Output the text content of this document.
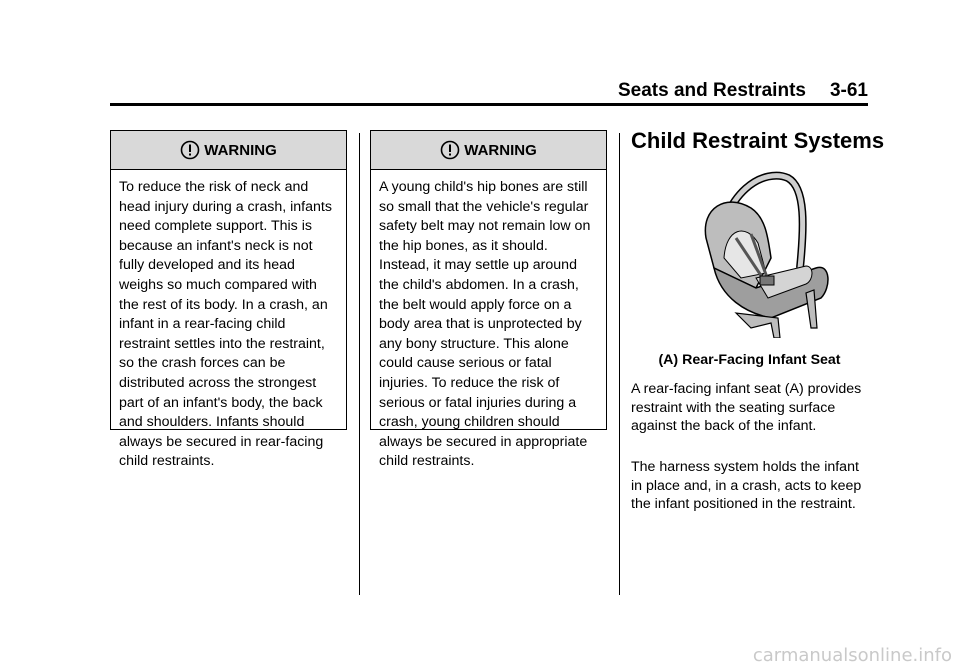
Seats and Restraints 3-61
WARNING
To reduce the risk of neck and head injury during a crash, infants need complete support. This is because an infant's neck is not fully developed and its head weighs so much compared with the rest of its body. In a crash, an infant in a rear-facing child restraint settles into the restraint, so the crash forces can be distributed across the strongest part of an infant's body, the back and shoulders. Infants should always be secured in rear-facing child restraints.
WARNING
A young child's hip bones are still so small that the vehicle's regular safety belt may not remain low on the hip bones, as it should. Instead, it may settle up around the child's abdomen. In a crash, the belt would apply force on a body area that is unprotected by any bony structure. This alone could cause serious or fatal injuries. To reduce the risk of serious or fatal injuries during a crash, young children should always be secured in appropriate child restraints.
Child Restraint Systems
(A) Rear-Facing Infant Seat

A rear-facing infant seat (A) provides restraint with the seating surface against the back of the infant.

The harness system holds the infant in place and, in a crash, acts to keep the infant positioned in the restraint.

carmanualsonline.info
